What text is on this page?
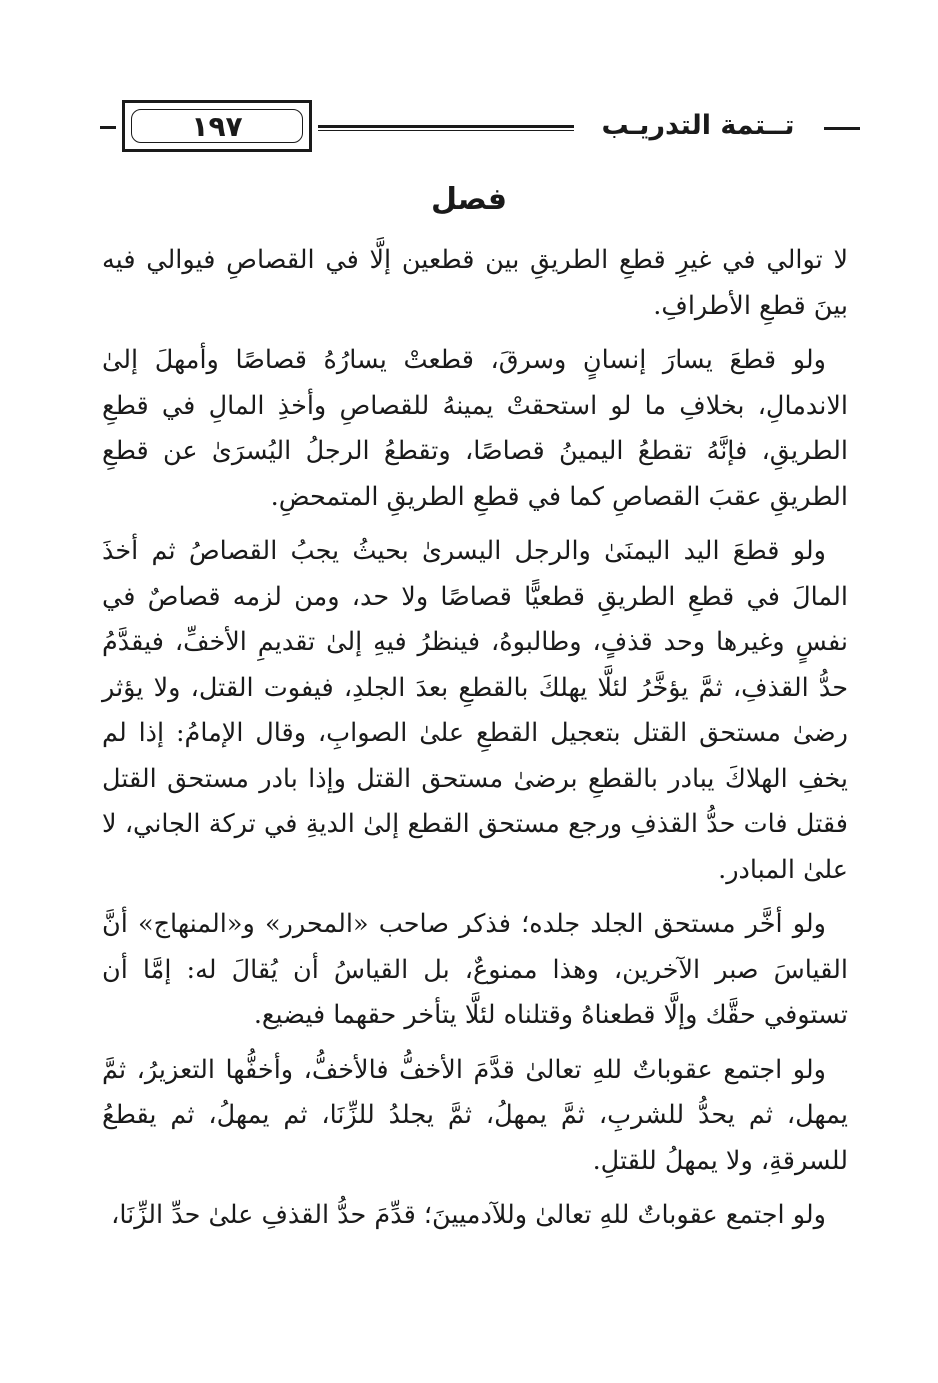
١٩٧	تــتمة التدريـب
فصل

لا توالي في غيرِ قطعِ الطريقِ بين قطعين إلَّا في القصاصِ فيوالي فيه بينَ قطعِ الأطرافِ.

ولو قطعَ يسارَ إنسانٍ وسرقَ، قطعتْ يسارُهُ قصاصًا وأمهلَ إلىٰ الاندمالِ، بخلافِ ما لو استحقتْ يمينهُ للقصاصِ وأخذِ المالِ في قطعِ الطريقِ، فإنَّهُ تقطعُ اليمينُ قصاصًا، وتقطعُ الرجلُ اليُسرَىٰ عن قطعِ الطريقِ عقبَ القصاصِ كما في قطعِ الطريقِ المتمحضِ.

ولو قطعَ اليد اليمنَىٰ والرجل اليسرىٰ بحيثُ يجبُ القصاصُ ثم أخذَ المالَ في قطعِ الطريقِ قطعيًّا قصاصًا ولا حد، ومن لزمه قصاصٌ في نفسٍ وغيرها وحد قذفٍ، وطالبوهُ، فينظرُ فيهِ إلىٰ تقديمِ الأخفِّ، فيقدَّمُ حدُّ القذفِ، ثمَّ يؤخَّرُ لئلَّا يهلكَ بالقطعِ بعدَ الجلدِ، فيفوت القتل، ولا يؤثر رضىٰ مستحق القتل بتعجيل القطعِ علىٰ الصوابِ، وقال الإمامُ: إذا لم يخفِ الهلاكَ يبادر بالقطعِ برضىٰ مستحق القتل وإذا بادر مستحق القتل فقتل فات حدُّ القذفِ ورجع مستحق القطع إلىٰ الديةِ في تركة الجاني، لا علىٰ المبادر.

ولو أخَّر مستحق الجلد جلده؛ فذكر صاحب «المحرر» و«المنهاج» أنَّ القياسَ صبر الآخرين، وهذا ممنوعٌ، بل القياسُ أن يُقالَ له: إمَّا أن تستوفي حقَّك وإلَّا قطعناهُ وقتلناه لئلَّا يتأخر حقهما فيضيع.

ولو اجتمع عقوباتٌ للهِ تعالىٰ قدَّمَ الأخفُّ فالأخفُّ، وأخفُّها التعزيرُ، ثمَّ يمهل، ثم يحدُّ للشربِ، ثمَّ يمهلُ، ثمَّ يجلدُ للزِّنَا، ثم يمهلُ، ثم يقطعُ للسرقةِ، ولا يمهلُ للقتلِ.

ولو اجتمع عقوباتٌ للهِ تعالىٰ وللآدميينَ؛ قدِّمَ حدُّ القذفِ علىٰ حدِّ الزِّنَا،
